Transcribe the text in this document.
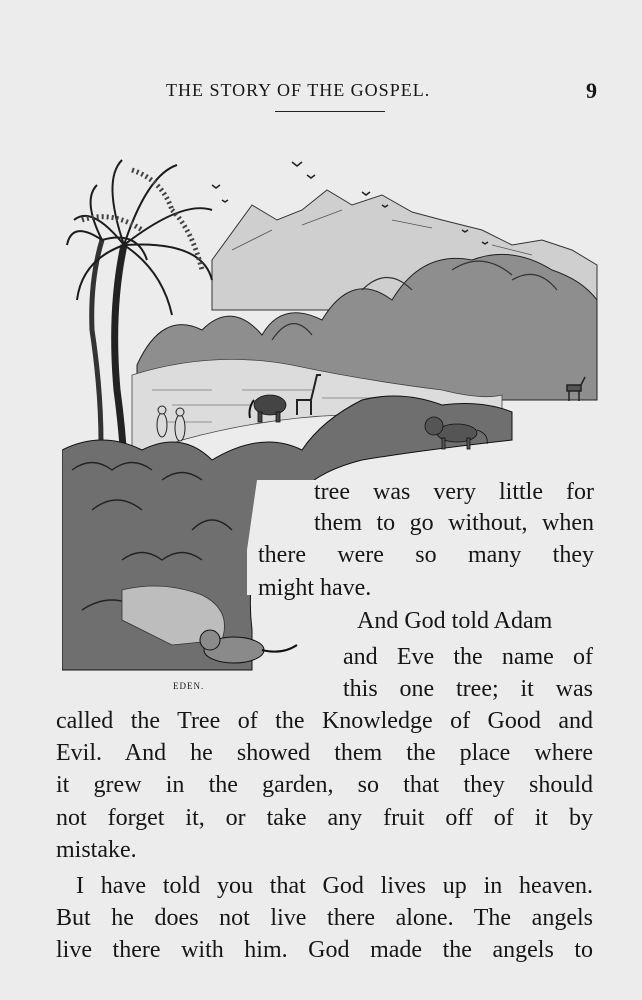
THE STORY OF THE GOSPEL.	9
EDEN.
tree was very little for
them to go without, when
there were so many they
might have.
And God told Adam
and Eve the name of
this one tree; it was
called the Tree of the Knowledge of Good and
Evil. And he showed them the place where
it grew in the garden, so that they should
not forget it, or take any fruit off of it by
mistake.
I have told you that God lives up in heaven.
But he does not live there alone. The angels
live there with him. God made the angels to
